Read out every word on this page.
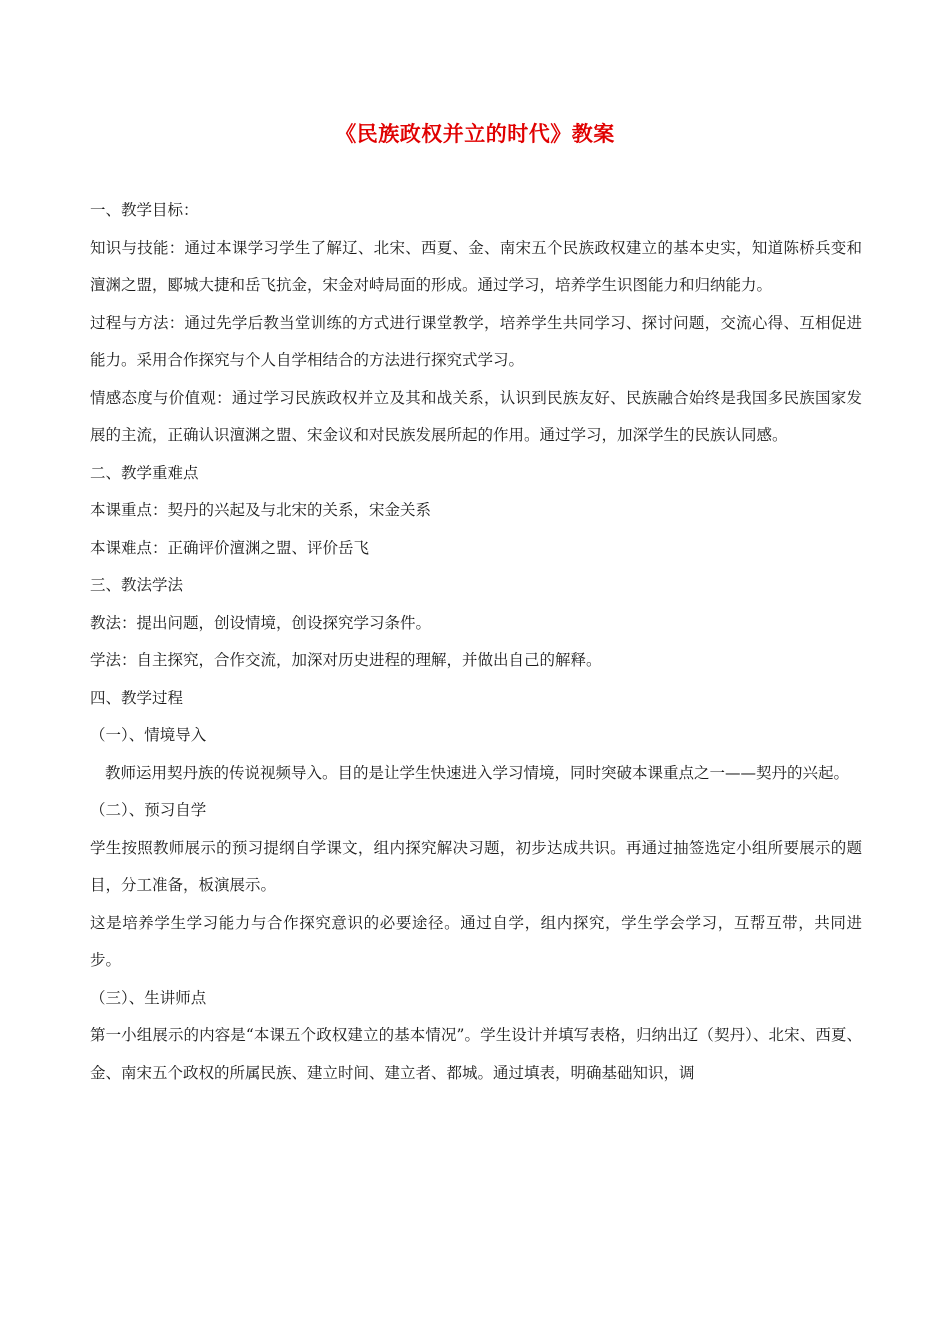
《民族政权并立的时代》教案

一、教学目标：

知识与技能：通过本课学习学生了解辽、北宋、西夏、金、南宋五个民族政权建立的基本史实，知道陈桥兵变和澶渊之盟，郾城大捷和岳飞抗金，宋金对峙局面的形成。通过学习，培养学生识图能力和归纳能力。

过程与方法：通过先学后教当堂训练的方式进行课堂教学，培养学生共同学习、探讨问题，交流心得、互相促进能力。采用合作探究与个人自学相结合的方法进行探究式学习。

情感态度与价值观：通过学习民族政权并立及其和战关系，认识到民族友好、民族融合始终是我国多民族国家发展的主流，正确认识澶渊之盟、宋金议和对民族发展所起的作用。通过学习，加深学生的民族认同感。

二、教学重难点

本课重点：契丹的兴起及与北宋的关系，宋金关系

本课难点：正确评价澶渊之盟、评价岳飞

三、教法学法

教法：提出问题，创设情境，创设探究学习条件。

学法：自主探究，合作交流，加深对历史进程的理解，并做出自己的解释。

四、教学过程

（一）、情境导入

教师运用契丹族的传说视频导入。目的是让学生快速进入学习情境，同时突破本课重点之一——契丹的兴起。

（二）、预习自学

学生按照教师展示的预习提纲自学课文，组内探究解决习题，初步达成共识。再通过抽签选定小组所要展示的题目，分工准备，板演展示。

这是培养学生学习能力与合作探究意识的必要途径。通过自学，组内探究，学生学会学习，互帮互带，共同进步。

（三）、生讲师点

第一小组展示的内容是“本课五个政权建立的基本情况”。学生设计并填写表格，归纳出辽（契丹）、北宋、西夏、金、南宋五个政权的所属民族、建立时间、建立者、都城。通过填表，明确基础知识，调
